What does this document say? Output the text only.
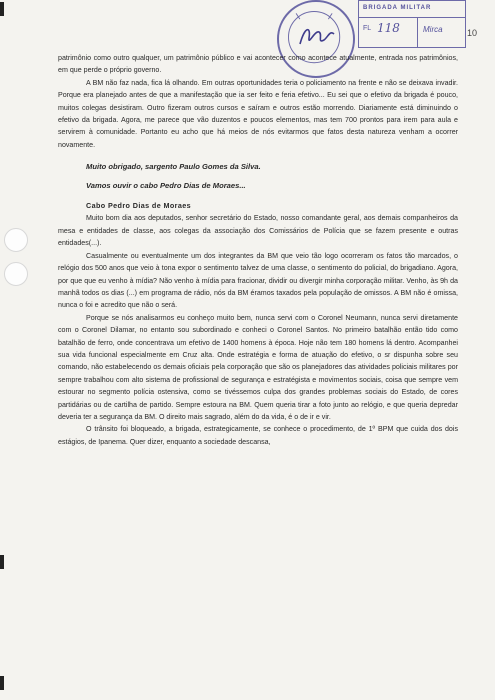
BRIGADA MILITAR
FL 118	Mirca	10

patrimônio como outro qualquer, um patrimônio público e vai acontecer como acontece atualmente, entrada nos patrimônios, em que perde o próprio governo.

A BM não faz nada, fica lá olhando. Em outras oportunidades teria o policiamento na frente e não se deixava invadir. Porque era planejado antes de que a manifestação que ia ser feito e feria efetivo... Eu sei que o efetivo da brigada é pouco, muitos colegas desistiram. Outro fizeram outros cursos e saíram e outros estão morrendo. Diariamente está diminuindo o efetivo da brigada. Agora, me parece que vão duzentos e poucos elementos, mas tem 700 prontos para irem para aula e servirem à comunidade. Portanto eu acho que há meios de nós evitarmos que fatos desta natureza venham a ocorrer novamente.

Muito obrigado, sargento Paulo Gomes da Silva.

Vamos ouvir o cabo Pedro Dias de Moraes...

Cabo Pedro Dias de Moraes

Muito bom dia aos deputados, senhor secretário do Estado, nosso comandante geral, aos demais companheiros da mesa e entidades de classe, aos colegas da associação dos Comissários de Polícia que se fazem presente e outras entidades(...).

Casualmente ou eventualmente um dos integrantes da BM que veio tão logo ocorreram os fatos tão marcados, o relógio dos 500 anos que veio à tona expor o sentimento talvez de uma classe, o sentimento do policial, do brigadiano. Agora, por que que eu venho à mídia? Não venho à mídia para fracionar, dividir ou divergir minha corporação militar. Venho, às 9h da manhã todos os dias (...) em programa de rádio, nós da BM éramos taxados pela população de omissos. A BM não é omissa, nunca o foi e acredito que não o será.

Porque se nós analisarmos eu conheço muito bem, nunca servi com o Coronel Neumann, nunca servi diretamente com o Coronel Dilamar, no entanto sou subordinado e conheci o Coronel Santos. No primeiro batalhão então tido como batalhão de ferro, onde concentrava um efetivo de 1400 homens à época. Hoje não tem 180 homens lá dentro. Acompanhei sua vida funcional especialmente em Cruz alta. Onde estratégia e forma de atuação do efetivo, o sr dispunha sobre seu comando, não estabelecendo os demais oficiais pela corporação que são os planejadores das atividades policiais militares por sempre trabalhou com alto sistema de profissional de segurança e estratégista e movimentos sociais, coisa que sempre vem estourar no segmento polícia ostensiva, como se tivéssemos culpa dos grandes problemas sociais do Estado, de cores partidárias ou de cartilha de partido. Sempre estoura na BM. Quem queria tirar a foto junto ao relógio, e que queria depredar deveria ter a segurança da BM. O direito mais sagrado, além do da vida, é o de ir e vir.

O trânsito foi bloqueado, a brigada, estrategicamente, se conhece o procedimento, de 1º BPM que cuida dos dois estágios, de Ipanema. Quer dizer, enquanto a sociedade descansa,
